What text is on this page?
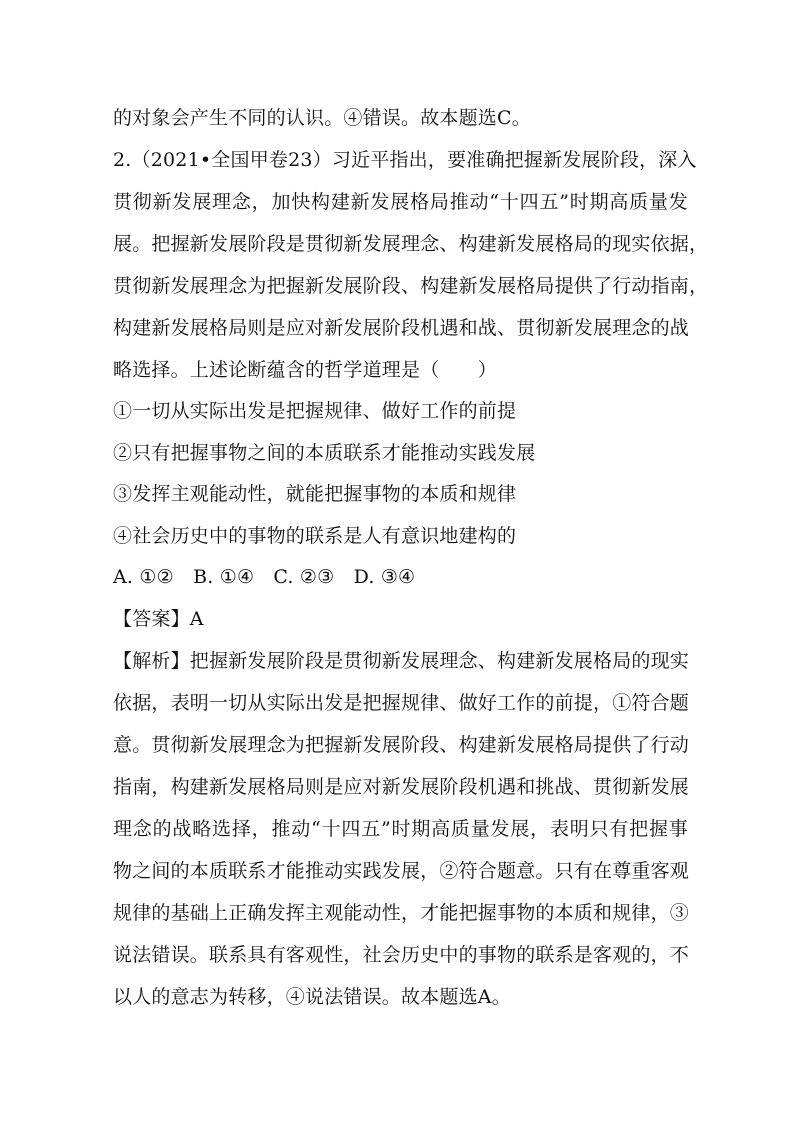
的对象会产生不同的认识。④错误。故本题选C。
2.（2021•全国甲卷23）习近平指出，要准确把握新发展阶段，深入
贯彻新发展理念，加快构建新发展格局推动“十四五”时期高质量发
展。把握新发展阶段是贯彻新发展理念、构建新发展格局的现实依据，
贯彻新发展理念为把握新发展阶段、构建新发展格局提供了行动指南，
构建新发展格局则是应对新发展阶段机遇和战、贯彻新发展理念的战
略选择。上述论断蕴含的哲学道理是（　　）
①一切从实际出发是把握规律、做好工作的前提
②只有把握事物之间的本质联系才能推动实践发展
③发挥主观能动性，就能把握事物的本质和规律
④社会历史中的事物的联系是人有意识地建构的
A. ①②　B. ①④　C. ②③　D. ③④
【答案】A
【解析】把握新发展阶段是贯彻新发展理念、构建新发展格局的现实
依据，表明一切从实际出发是把握规律、做好工作的前提，①符合题
意。贯彻新发展理念为把握新发展阶段、构建新发展格局提供了行动
指南，构建新发展格局则是应对新发展阶段机遇和挑战、贯彻新发展
理念的战略选择，推动“十四五”时期高质量发展，表明只有把握事
物之间的本质联系才能推动实践发展，②符合题意。只有在尊重客观
规律的基础上正确发挥主观能动性，才能把握事物的本质和规律，③
说法错误。联系具有客观性，社会历史中的事物的联系是客观的，不
以人的意志为转移，④说法错误。故本题选A。
